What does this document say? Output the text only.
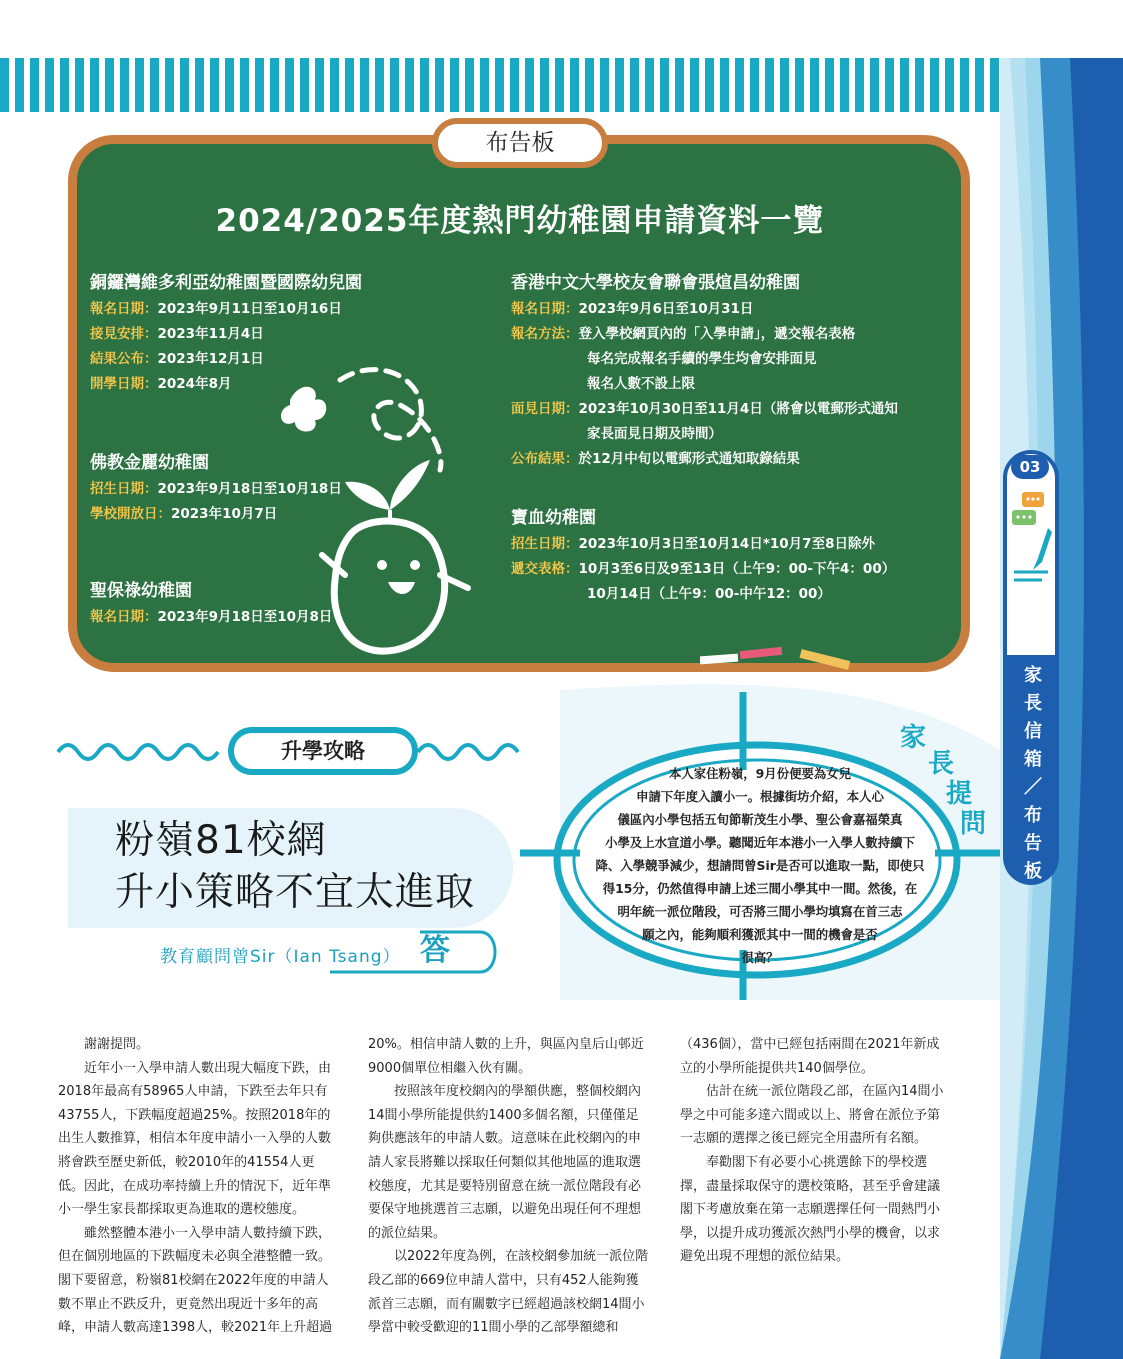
03
家長信箱／布告板
布告板
2024/2025年度熱門幼稚園申請資料一覽
銅鑼灣維多利亞幼稚園暨國際幼兒園
報名日期：2023年9月11日至10月16日
接見安排：2023年11月4日
結果公布：2023年12月1日
開學日期：2024年8月
佛教金麗幼稚園
招生日期：2023年9月18日至10月18日
學校開放日：2023年10月7日
聖保祿幼稚園
報名日期：2023年9月18日至10月8日
香港中文大學校友會聯會張煊昌幼稚園
報名日期：2023年9月6日至10月31日
報名方法：登入學校網頁內的「入學申請」，遞交報名表格
每名完成報名手續的學生均會安排面見
報名人數不設上限
面見日期：2023年10月30日至11月4日（將會以電郵形式通知
家長面見日期及時間）
公布結果：於12月中旬以電郵形式通知取錄結果
寶血幼稚園
招生日期：2023年10月3日至10月14日*10月7至8日除外
遞交表格：10月3至6日及9至13日（上午9：00-下午4：00）
10月14日（上午9：00-中午12：00）
升學攻略
粉嶺81校網
升小策略不宜太進取
教育顧問曾Sir（Ian Tsang） 答
家
長
提
問
本人家住粉嶺，9月份便要為女兒
申請下年度入讀小一。根據街坊介紹，本人心
儀區內小學包括五旬節靳茂生小學、聖公會嘉福榮真
小學及上水宣道小學。聽聞近年本港小一入學人數持續下
降、入學競爭減少，想請問曾Sir是否可以進取一點，即使只
得15分，仍然值得申請上述三間小學其中一間。然後，在
明年統一派位階段，可否將三間小學均填寫在首三志
願之內，能夠順利獲派其中一間的機會是否
很高？

謝謝提問。

近年小一入學申請人數出現大幅度下跌，由2018年最高有58965人申請，下跌至去年只有43755人，下跌幅度超過25%。按照2018年的出生人數推算，相信本年度申請小一入學的人數將會跌至歷史新低，較2010年的41554人更低。因此，在成功率持續上升的情況下，近年準小一學生家長都採取更為進取的選校態度。

雖然整體本港小一入學申請人數持續下跌，但在個別地區的下跌幅度未必與全港整體一致。閣下要留意，粉嶺81校網在2022年度的申請人數不單止不跌反升，更竟然出現近十多年的高峰，申請人數高達1398人，較2021年上升超過

20%。相信申請人數的上升，與區內皇后山邨近9000個單位相繼入伙有關。

按照該年度校網內的學額供應，整個校網內14間小學所能提供約1400多個名額，只僅僅足夠供應該年的申請人數。這意味在此校網內的申請人家長將難以採取任何類似其他地區的進取選校態度，尤其是要特別留意在統一派位階段有必要保守地挑選首三志願，以避免出現任何不理想的派位結果。

以2022年度為例，在該校網參加統一派位階段乙部的669位申請人當中，只有452人能夠獲派首三志願，而有關數字已經超過該校網14間小學當中較受歡迎的11間小學的乙部學額總和

（436個），當中已經包括兩間在2021年新成立的小學所能提供共140個學位。

估計在統一派位階段乙部，在區內14間小學之中可能多達六間或以上、將會在派位予第一志願的選擇之後已經完全用盡所有名額。

奉勸閣下有必要小心挑選餘下的學校選擇，盡量採取保守的選校策略，甚至乎會建議閣下考慮放棄在第一志願選擇任何一間熱門小學，以提升成功獲派次熱門小學的機會，以求避免出現不理想的派位結果。
